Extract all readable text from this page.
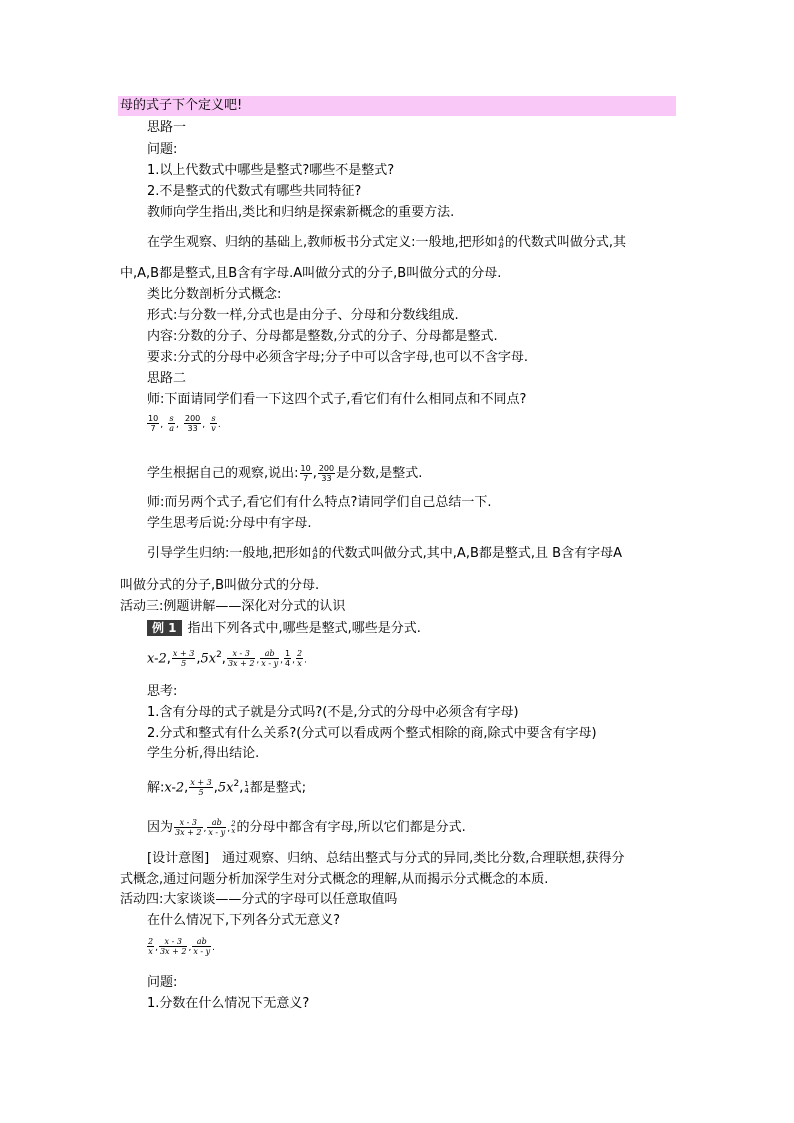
母的式子下个定义吧!
思路一
问题:
1.以上代数式中哪些是整式?哪些不是整式?
2.不是整式的代数式有哪些共同特征?
教师向学生指出,类比和归纳是探索新概念的重要方法.
在学生观察、归纳的基础上,教师板书分式定义:一般地,把形如 A
B 的代数式叫做分式,其
中,A,B都是整式,且B含有字母.A叫做分式的分子,B叫做分式的分母.
类比分数剖析分式概念:
形式:与分数一样,分式也是由分子、分母和分数线组成.
内容:分数的分子、分母都是整数,分式的分子、分母都是整式.
要求:分式的分母中必须含字母;分子中可以含字母,也可以不含字母.
思路二
师:下面请同学们看一下这四个式子,看它们有什么相同点和不同点?
$\frac{10}{7}$ , $\frac{s}{a}$ , $\frac{200}{33}$ , $\frac{s}{v}$ .
学生根据自己的观察,说出: $\frac{10}{7}$ , $\frac{200}{33}$ 是分数,是整式.
师:而另两个式子,看它们有什么特点?请同学们自己总结一下.
学生思考后说:分母中有字母.
引导学生归纳:一般地,把形如 A
B 的代数式叫做分式,其中,A,B都是整式,且 B含有字母A
叫做分式的分子,B叫做分式的分母.
活动三:例题讲解——深化对分式的认识
例 1 指出下列各式中,哪些是整式,哪些是分式.
x-2, $\frac{x + 3}{5} ,5x^2$, $\frac{x - 3}{3x + 2}$ , $\frac{ab}{x - y}$ , $\frac{1}{4}$ , $\frac{2}{x}$ .
思考:
1.含有分母的式子就是分式吗?(不是,分式的分母中必须含有字母)
2.分式和整式有什么关系?(分式可以看成两个整式相除的商,除式中要含有字母)
学生分析,得出结论.
解:x-2, $\frac{x + 3}{5} ,5x^2$, 1
4 都是整式;
因为 $\frac{x - 3}{3x + 2}$ , $\frac{ab}{x - y}$ ,
2
x 的分母中都含有字母,所以它们都是分式.
[设计意图]　通过观察、归纳、总结出整式与分式的异同,类比分数,合理联想,获得分
式概念,通过问题分析加深学生对分式概念的理解,从而揭示分式概念的本质.
活动四:大家谈谈——分式的字母可以任意取值吗
在什么情况下,下列各分式无意义?
$\frac{2}{x}$ , $\frac{x - 3}{3x + 2}$ , $\frac{ab}{x - y}$ .
问题:
1.分数在什么情况下无意义?
